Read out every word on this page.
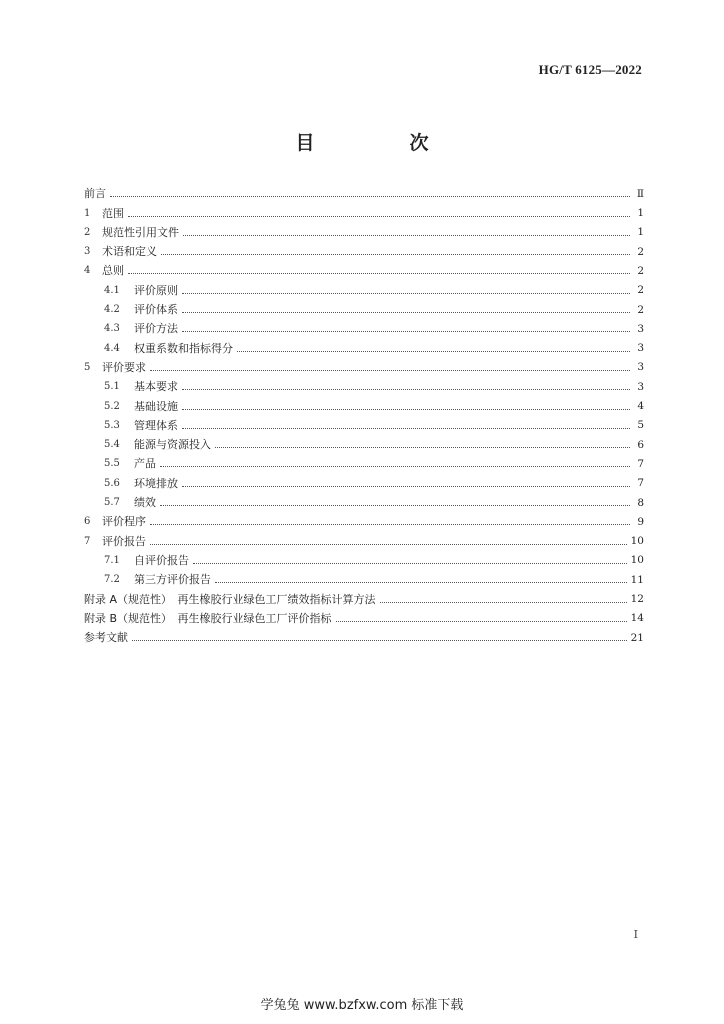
HG/T 6125—2022
目　次
前言	Ⅱ
1	范围	1
2	规范性引用文件	1
3	术语和定义	2
4	总则	2
4.1	评价原则	2
4.2	评价体系	2
4.3	评价方法	3
4.4	权重系数和指标得分	3
5	评价要求	3
5.1	基本要求	3
5.2	基础设施	4
5.3	管理体系	5
5.4	能源与资源投入	6
5.5	产品	7
5.6	环境排放	7
5.7	绩效	8
6	评价程序	9
7	评价报告	10
7.1	自评价报告	10
7.2	第三方评价报告	11
附录 A（规范性）　再生橡胶行业绿色工厂绩效指标计算方法	12
附录 B（规范性）　再生橡胶行业绿色工厂评价指标	14
参考文献	21
Ⅰ
学兔兔 www.bzfxw.com 标准下载
